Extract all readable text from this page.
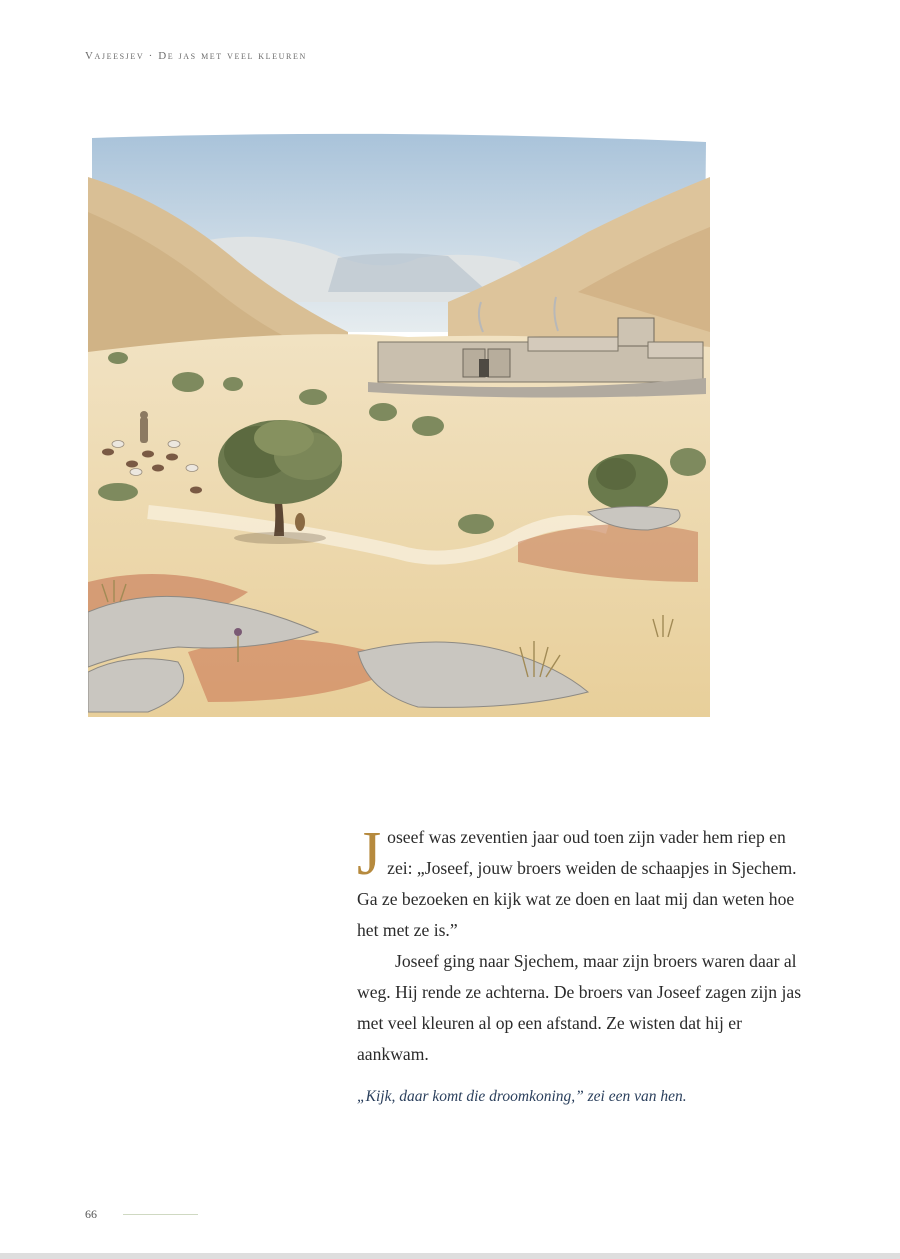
Vajeesjev · De jas met veel kleuren

Joseef was zeventien jaar oud toen zijn vader hem riep en zei: „Joseef, jouw broers weiden de schaapjes in Sjechem. Ga ze bezoeken en kijk wat ze doen en laat mij dan weten hoe het met ze is.”

Joseef ging naar Sjechem, maar zijn broers waren daar al weg. Hij rende ze achterna. De broers van Joseef zagen zijn jas met veel kleuren al op een afstand. Ze wisten dat hij er aankwam.

„Kijk, daar komt die droomkoning,” zei een van hen.
66
